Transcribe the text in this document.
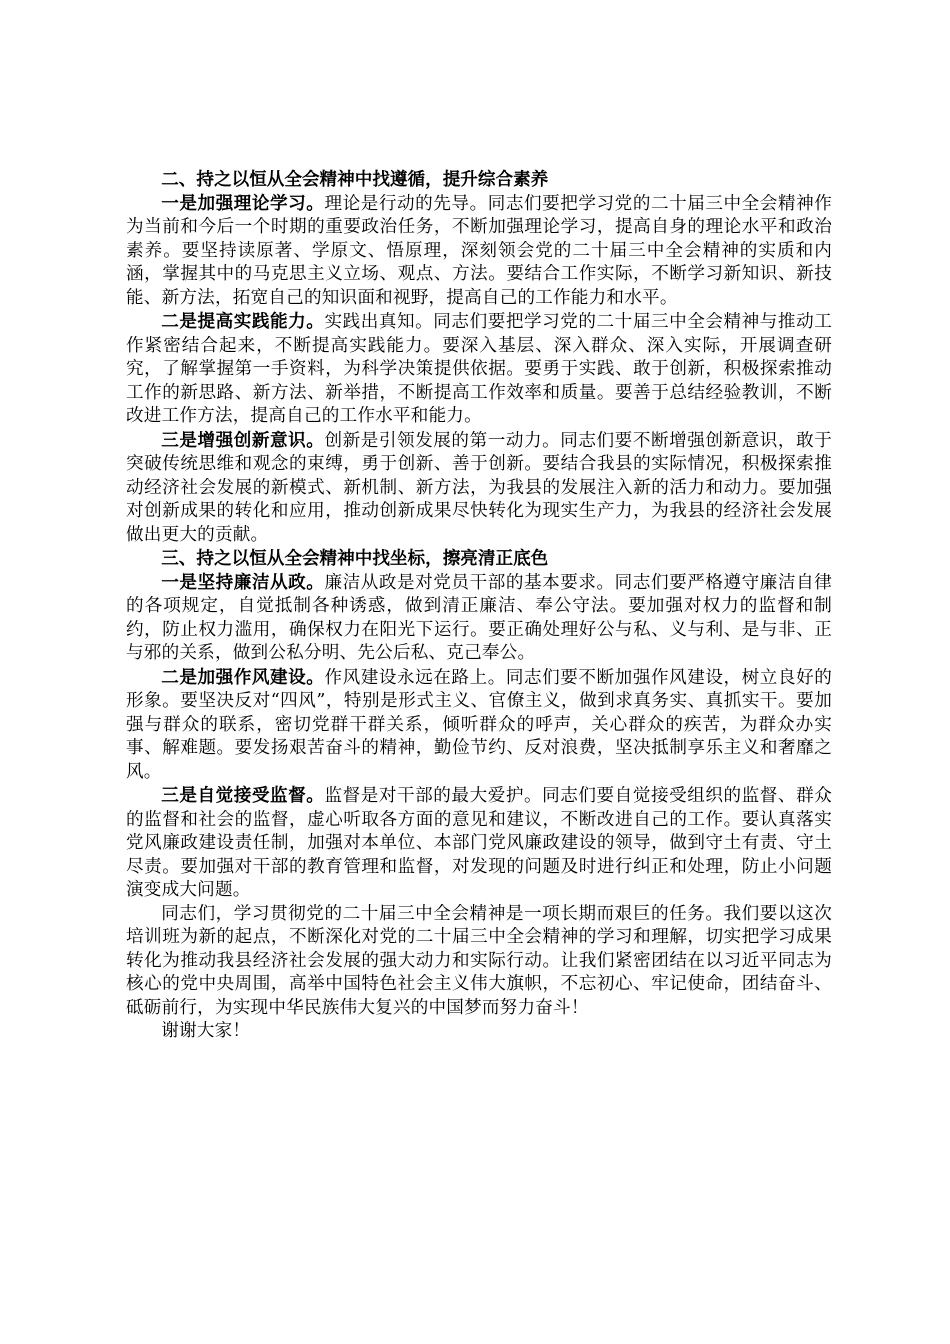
二、持之以恒从全会精神中找遵循，提升综合素养

一是加强理论学习。理论是行动的先导。同志们要把学习党的二十届三中全会精神作为当前和今后一个时期的重要政治任务，不断加强理论学习，提高自身的理论水平和政治素养。要坚持读原著、学原文、悟原理，深刻领会党的二十届三中全会精神的实质和内涵，掌握其中的马克思主义立场、观点、方法。要结合工作实际，不断学习新知识、新技能、新方法，拓宽自己的知识面和视野，提高自己的工作能力和水平。

二是提高实践能力。实践出真知。同志们要把学习党的二十届三中全会精神与推动工作紧密结合起来，不断提高实践能力。要深入基层、深入群众、深入实际，开展调查研究，了解掌握第一手资料，为科学决策提供依据。要勇于实践、敢于创新，积极探索推动工作的新思路、新方法、新举措，不断提高工作效率和质量。要善于总结经验教训，不断改进工作方法，提高自己的工作水平和能力。

三是增强创新意识。创新是引领发展的第一动力。同志们要不断增强创新意识，敢于突破传统思维和观念的束缚，勇于创新、善于创新。要结合我县的实际情况，积极探索推动经济社会发展的新模式、新机制、新方法，为我县的发展注入新的活力和动力。要加强对创新成果的转化和应用，推动创新成果尽快转化为现实生产力，为我县的经济社会发展做出更大的贡献。

三、持之以恒从全会精神中找坐标，擦亮清正底色

一是坚持廉洁从政。廉洁从政是对党员干部的基本要求。同志们要严格遵守廉洁自律的各项规定，自觉抵制各种诱惑，做到清正廉洁、奉公守法。要加强对权力的监督和制约，防止权力滥用，确保权力在阳光下运行。要正确处理好公与私、义与利、是与非、正与邪的关系，做到公私分明、先公后私、克己奉公。

二是加强作风建设。作风建设永远在路上。同志们要不断加强作风建设，树立良好的形象。要坚决反对“四风”，特别是形式主义、官僚主义，做到求真务实、真抓实干。要加强与群众的联系，密切党群干群关系，倾听群众的呼声，关心群众的疾苦，为群众办实事、解难题。要发扬艰苦奋斗的精神，勤俭节约、反对浪费，坚决抵制享乐主义和奢靡之风。

三是自觉接受监督。监督是对干部的最大爱护。同志们要自觉接受组织的监督、群众的监督和社会的监督，虚心听取各方面的意见和建议，不断改进自己的工作。要认真落实党风廉政建设责任制，加强对本单位、本部门党风廉政建设的领导，做到守土有责、守土尽责。要加强对干部的教育管理和监督，对发现的问题及时进行纠正和处理，防止小问题演变成大问题。

同志们，学习贯彻党的二十届三中全会精神是一项长期而艰巨的任务。我们要以这次培训班为新的起点，不断深化对党的二十届三中全会精神的学习和理解，切实把学习成果转化为推动我县经济社会发展的强大动力和实际行动。让我们紧密团结在以习近平同志为核心的党中央周围，高举中国特色社会主义伟大旗帜，不忘初心、牢记使命，团结奋斗、砥砺前行，为实现中华民族伟大复兴的中国梦而努力奋斗！

谢谢大家！
